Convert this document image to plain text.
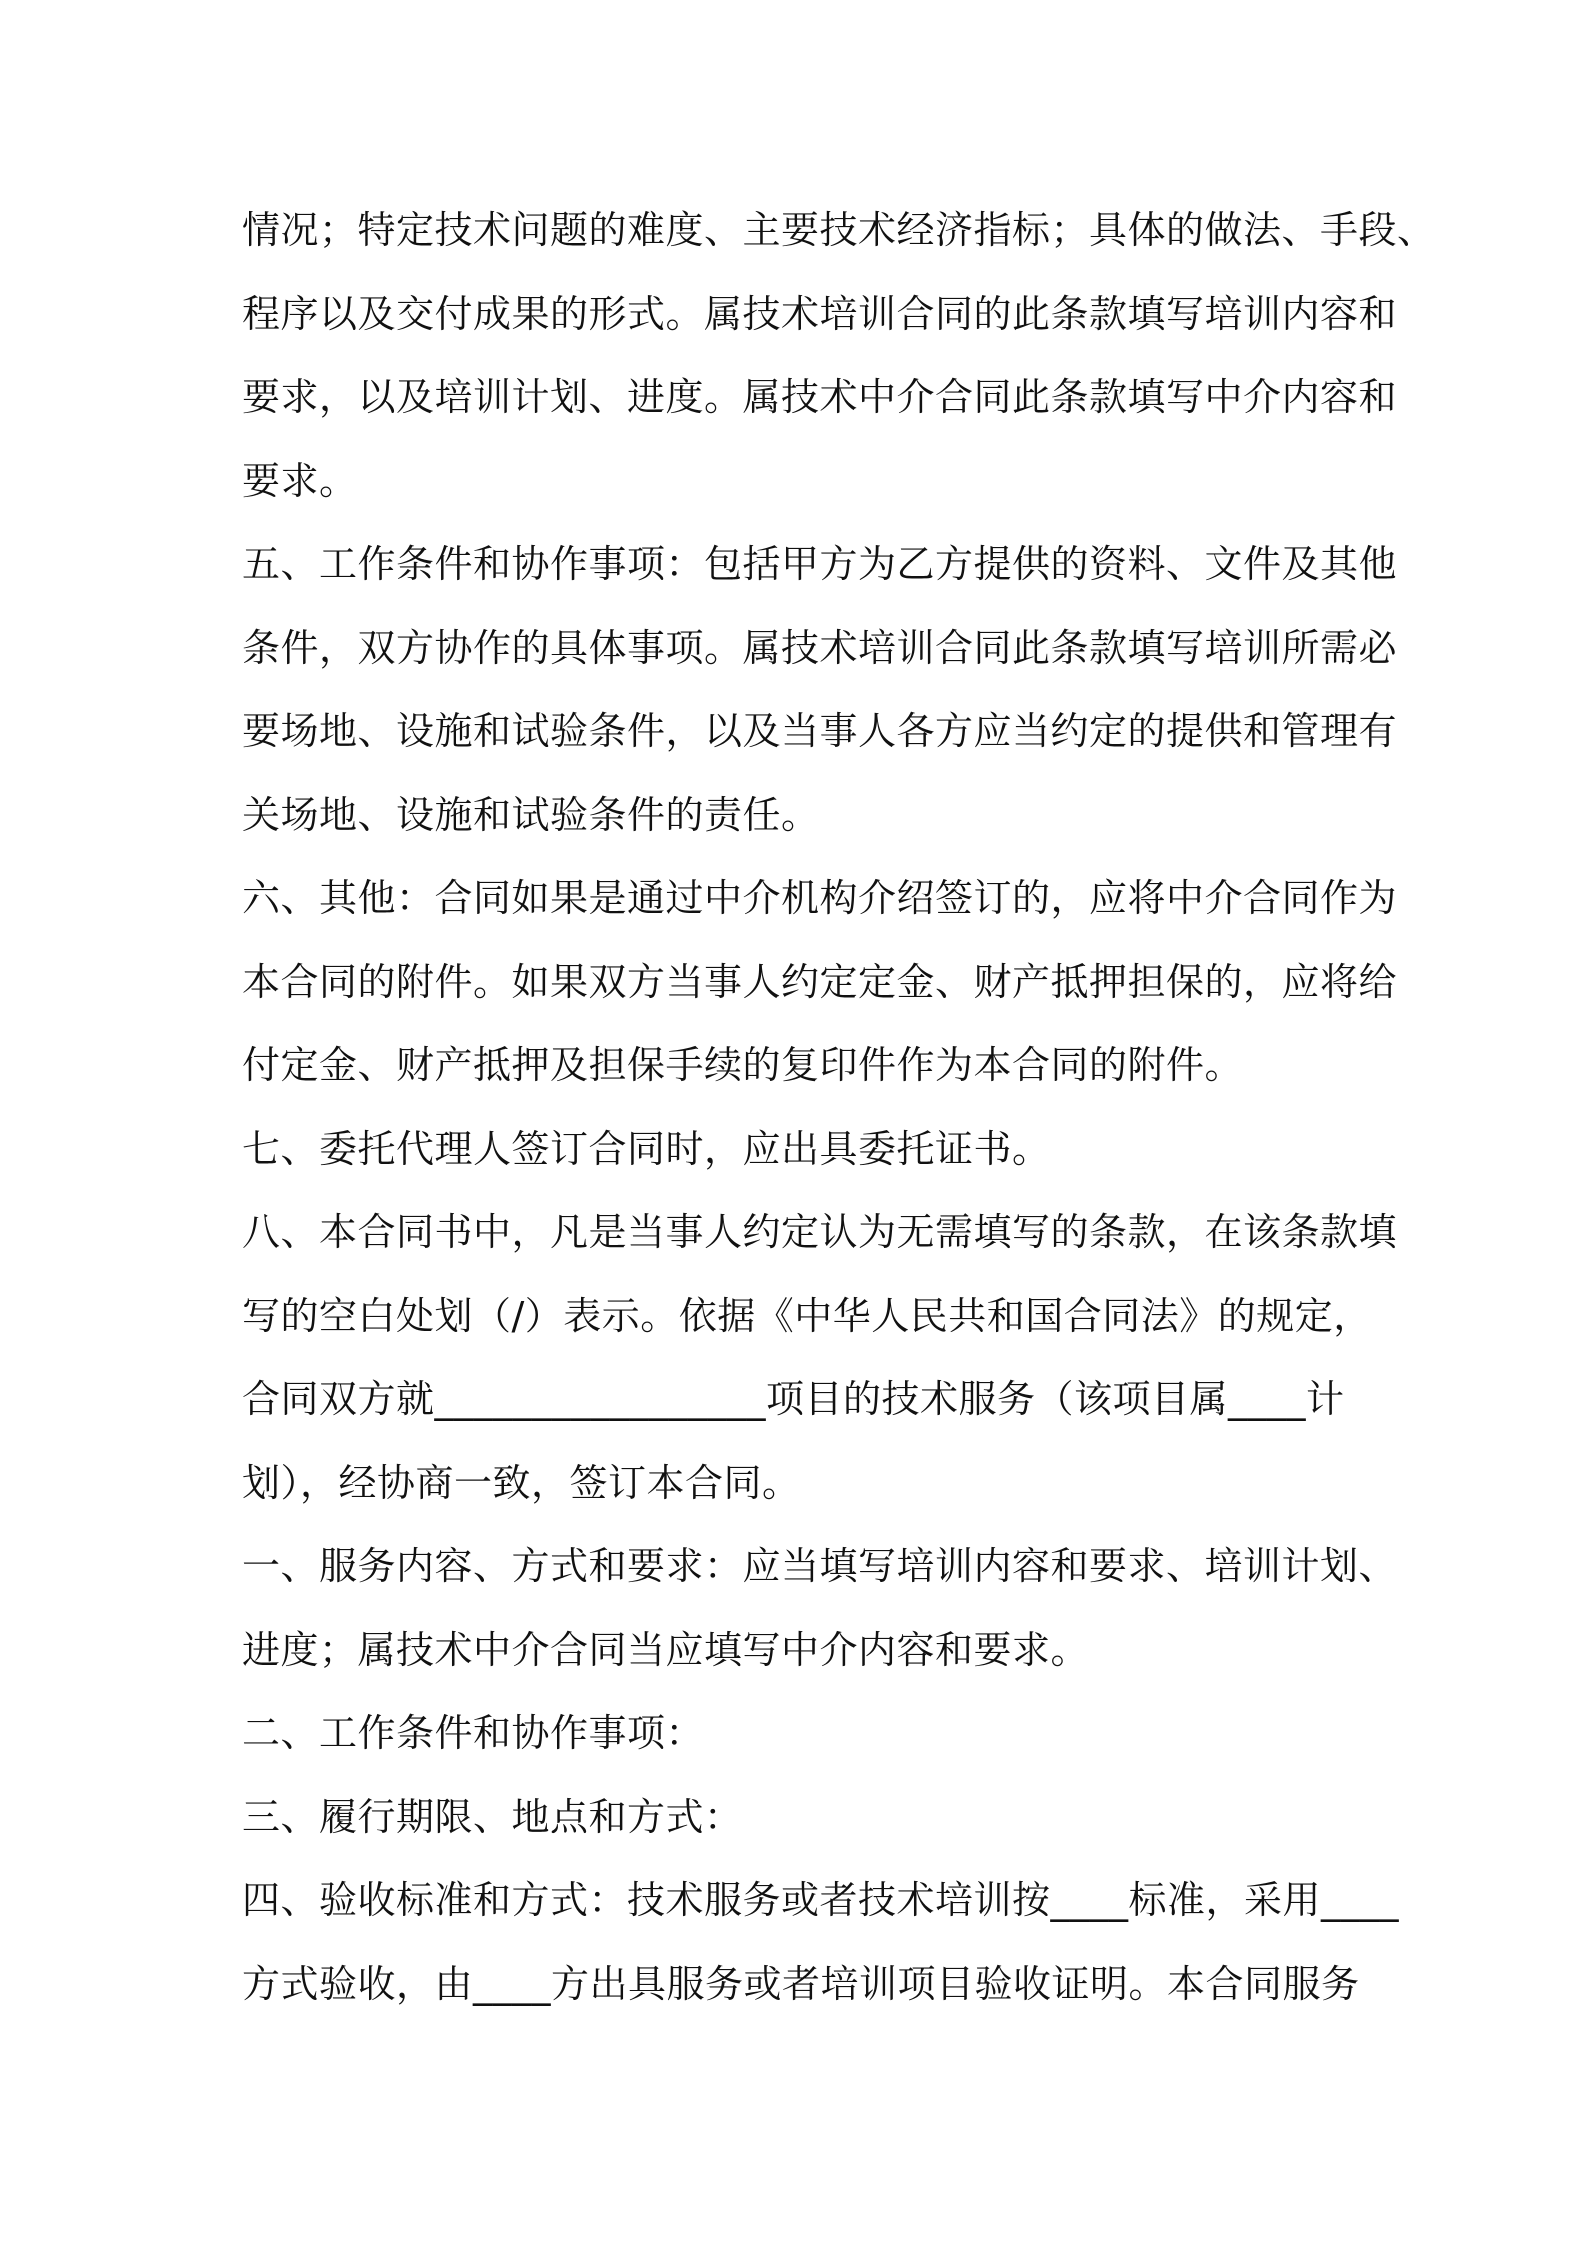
情况；特定技术问题的难度、主要技术经济指标；具体的做法、手段、
程序以及交付成果的形式。属技术培训合同的此条款填写培训内容和
要求，以及培训计划、进度。属技术中介合同此条款填写中介内容和
要求。
五、工作条件和协作事项：包括甲方为乙方提供的资料、文件及其他
条件，双方协作的具体事项。属技术培训合同此条款填写培训所需必
要场地、设施和试验条件，以及当事人各方应当约定的提供和管理有
关场地、设施和试验条件的责任。
六、其他：合同如果是通过中介机构介绍签订的，应将中介合同作为
本合同的附件。如果双方当事人约定定金、财产抵押担保的，应将给
付定金、财产抵押及担保手续的复印件作为本合同的附件。
七、委托代理人签订合同时，应出具委托证书。
八、本合同书中，凡是当事人约定认为无需填写的条款，在该条款填
写的空白处划（/）表示。依据《中华人民共和国合同法》的规定，
合同双方就_________________项目的技术服务（该项目属____计
划），经协商一致，签订本合同。
一、服务内容、方式和要求：应当填写培训内容和要求、培训计划、
进度；属技术中介合同当应填写中介内容和要求。
二、工作条件和协作事项：
三、履行期限、地点和方式：
四、验收标准和方式：技术服务或者技术培训按____标准，采用____
方式验收，由____方出具服务或者培训项目验收证明。本合同服务
